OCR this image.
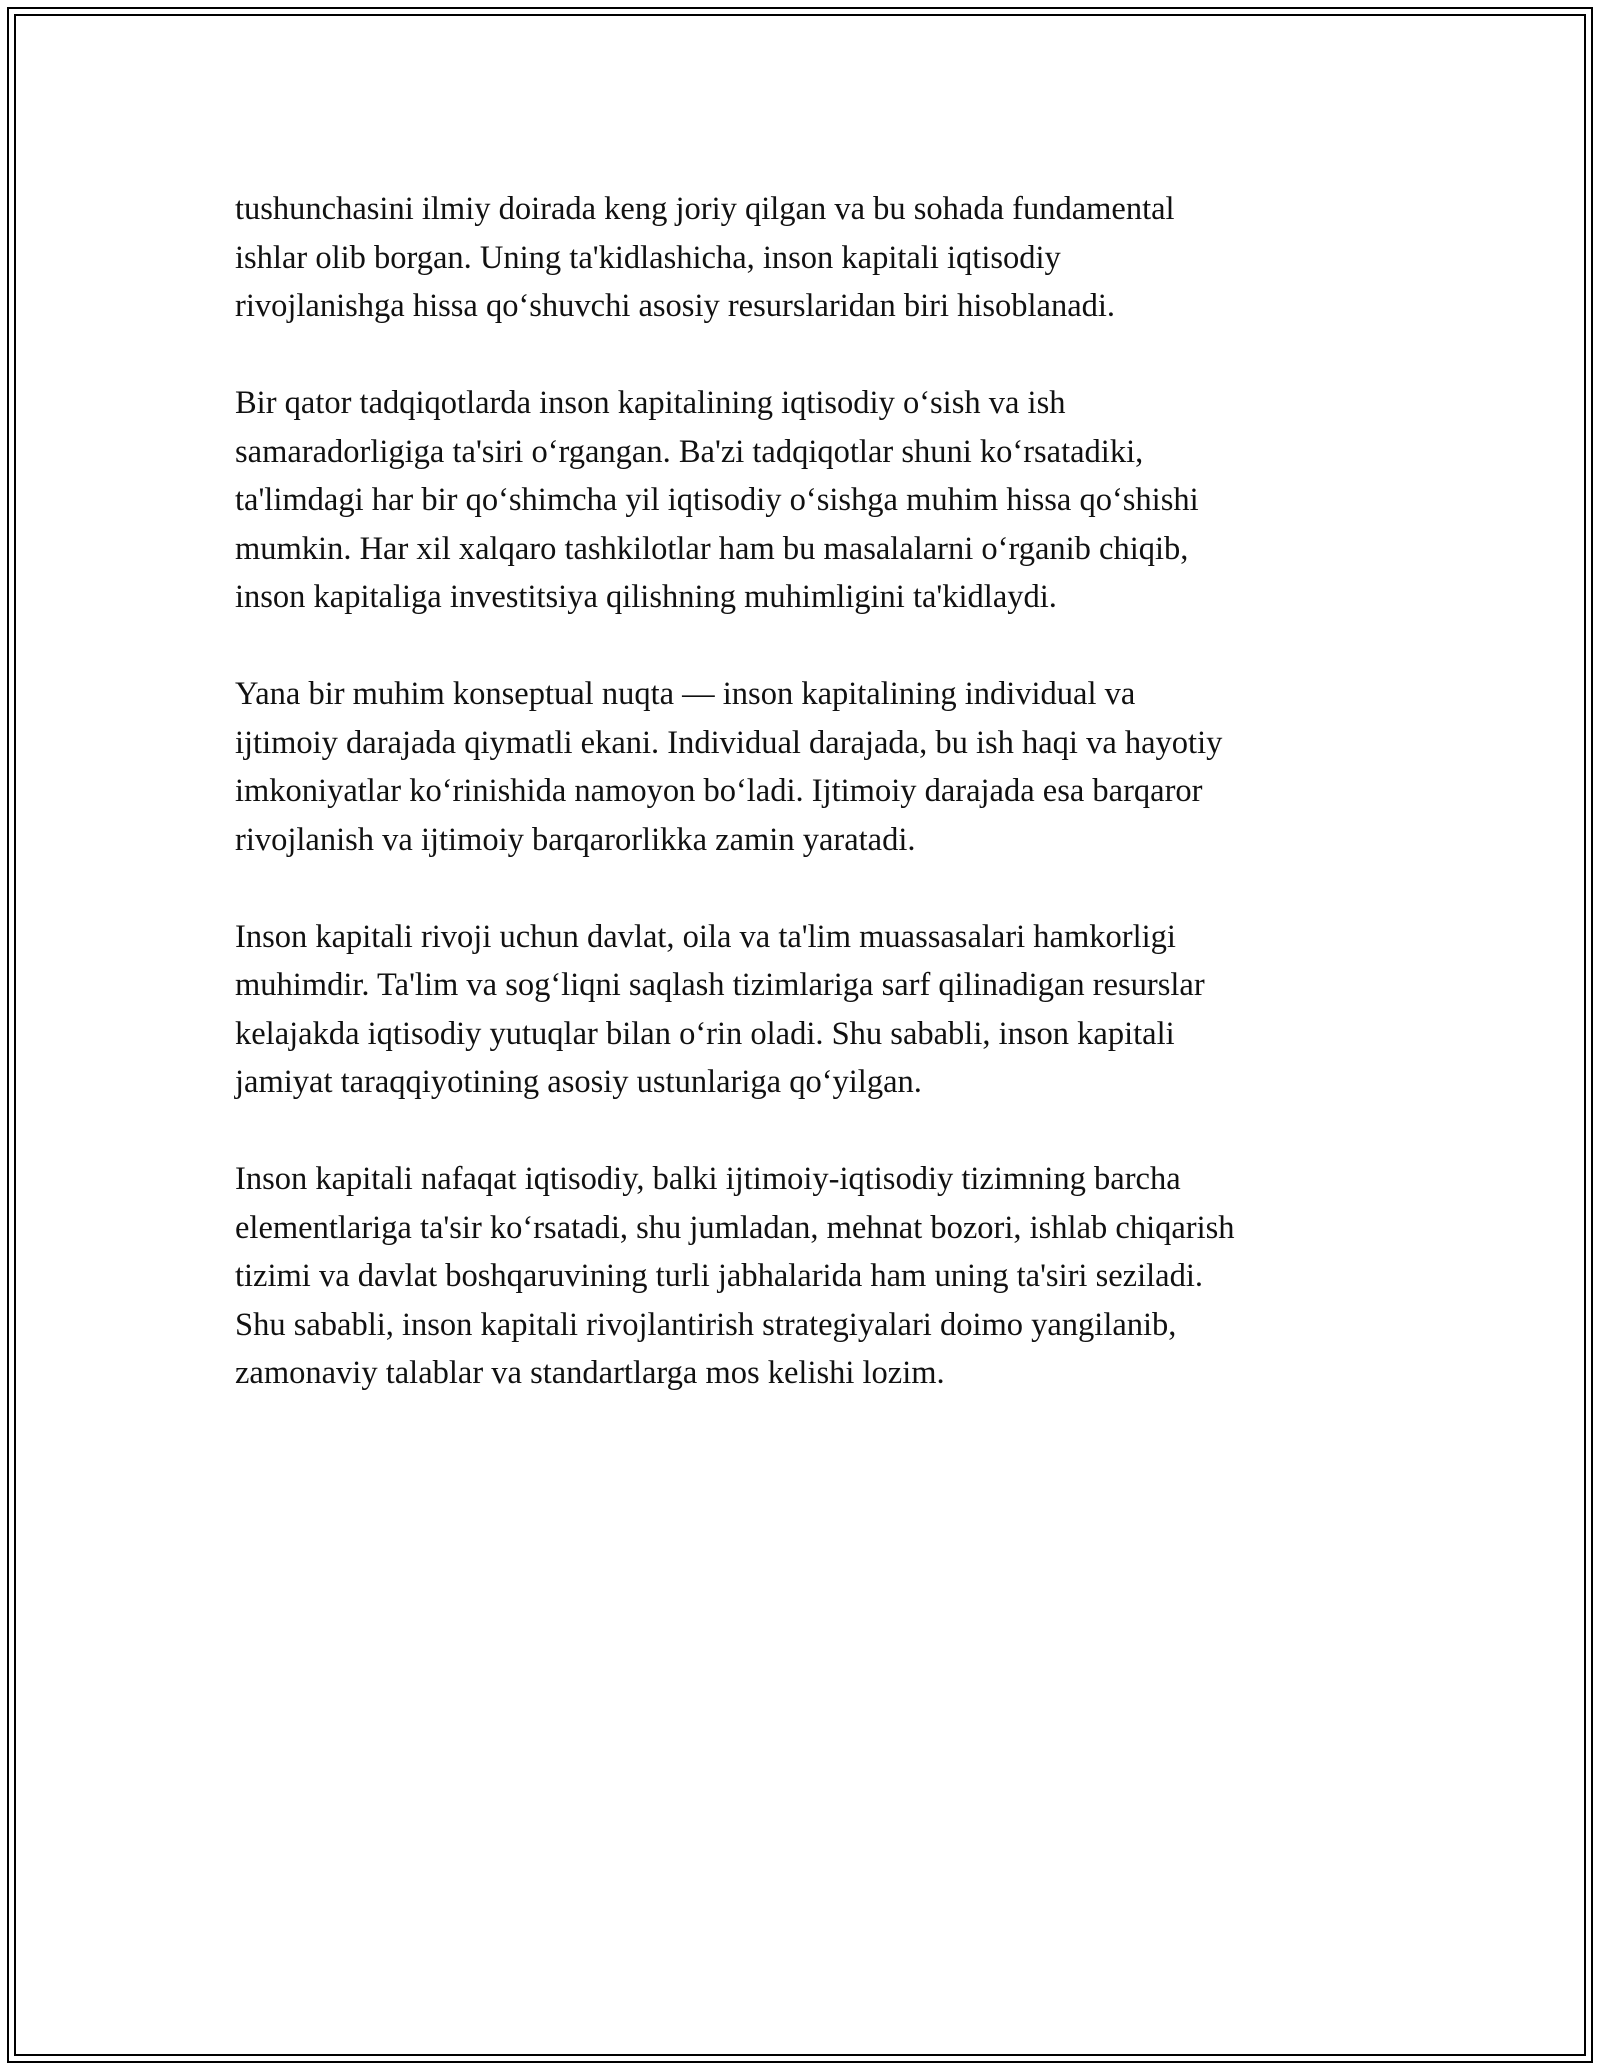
tushunchasini ilmiy doirada keng joriy qilgan va bu sohada fundamental
ishlar olib borgan. Uning ta'kidlashicha, inson kapitali iqtisodiy
rivojlanishga hissa qo‘shuvchi asosiy resurslaridan biri hisoblanadi.

Bir qator tadqiqotlarda inson kapitalining iqtisodiy o‘sish va ish
samaradorligiga ta'siri o‘rgangan. Ba'zi tadqiqotlar shuni ko‘rsatadiki,
ta'limdagi har bir qo‘shimcha yil iqtisodiy o‘sishga muhim hissa qo‘shishi
mumkin. Har xil xalqaro tashkilotlar ham bu masalalarni o‘rganib chiqib,
inson kapitaliga investitsiya qilishning muhimligini ta'kidlaydi.

Yana bir muhim konseptual nuqta — inson kapitalining individual va
ijtimoiy darajada qiymatli ekani. Individual darajada, bu ish haqi va hayotiy
imkoniyatlar ko‘rinishida namoyon bo‘ladi. Ijtimoiy darajada esa barqaror
rivojlanish va ijtimoiy barqarorlikka zamin yaratadi.

Inson kapitali rivoji uchun davlat, oila va ta'lim muassasalari hamkorligi
muhimdir. Ta'lim va sog‘liqni saqlash tizimlariga sarf qilinadigan resurslar
kelajakda iqtisodiy yutuqlar bilan o‘rin oladi. Shu sababli, inson kapitali
jamiyat taraqqiyotining asosiy ustunlariga qo‘yilgan.

Inson kapitali nafaqat iqtisodiy, balki ijtimoiy-iqtisodiy tizimning barcha
elementlariga ta'sir ko‘rsatadi, shu jumladan, mehnat bozori, ishlab chiqarish
tizimi va davlat boshqaruvining turli jabhalarida ham uning ta'siri seziladi.
Shu sababli, inson kapitali rivojlantirish strategiyalari doimo yangilanib,
zamonaviy talablar va standartlarga mos kelishi lozim.
